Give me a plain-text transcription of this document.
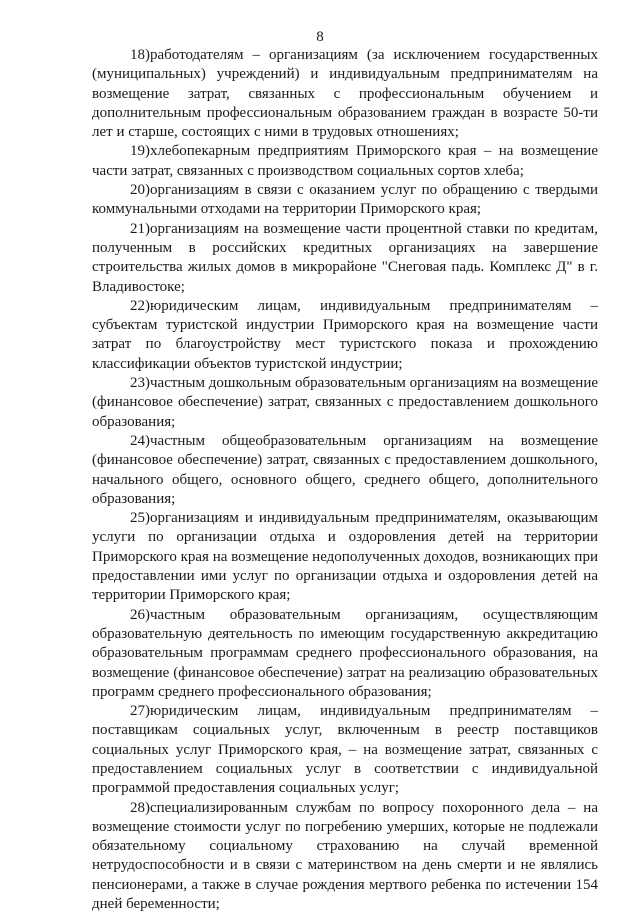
8

18)работодателям – организациям (за исключением государственных (муниципальных) учреждений) и индивидуальным предпринимателям на возмещение затрат, связанных с профессиональным обучением и дополнительным профессиональным образованием граждан в возрасте 50-ти лет и старше, состоящих с ними в трудовых отношениях;

19)хлебопекарным предприятиям Приморского края – на возмещение части затрат, связанных с производством социальных сортов хлеба;

20)организациям в связи с оказанием услуг по обращению с твердыми коммунальными отходами на территории Приморского края;

21)организациям на возмещение части процентной ставки по кредитам, полученным в российских кредитных организациях на завершение строительства жилых домов в микрорайоне "Снеговая падь. Комплекс Д" в г. Владивостоке;

22)юридическим лицам, индивидуальным предпринимателям – субъектам туристской индустрии Приморского края на возмещение части затрат по благоустройству мест туристского показа и прохождению классификации объектов туристской индустрии;

23)частным дошкольным образовательным организациям на возмещение (финансовое обеспечение) затрат, связанных с предоставлением дошкольного образования;

24)частным общеобразовательным организациям на возмещение (финансовое обеспечение) затрат, связанных с предоставлением дошкольного, начального общего, основного общего, среднего общего, дополнительного образования;

25)организациям и индивидуальным предпринимателям, оказывающим услуги по организации отдыха и оздоровления детей на территории Приморского края на возмещение недополученных доходов, возникающих при предоставлении ими услуг по организации отдыха и оздоровления детей на территории Приморского края;

26)частным образовательным организациям, осуществляющим образовательную деятельность по имеющим государственную аккредитацию образовательным программам среднего профессионального образования, на возмещение (финансовое обеспечение) затрат на реализацию образовательных программ среднего профессионального образования;

27)юридическим лицам, индивидуальным предпринимателям – поставщикам социальных услуг, включенным в реестр поставщиков социальных услуг Приморского края, – на возмещение затрат, связанных с предоставлением социальных услуг в соответствии с индивидуальной программой предоставления социальных услуг;

28)специализированным службам по вопросу похоронного дела – на возмещение стоимости услуг по погребению умерших, которые не подлежали обязательному социальному страхованию на случай временной нетрудоспособности и в связи с материнством на день смерти и не являлись пенсионерами, а также в случае рождения мертвого ребенка по истечении 154 дней беременности;
